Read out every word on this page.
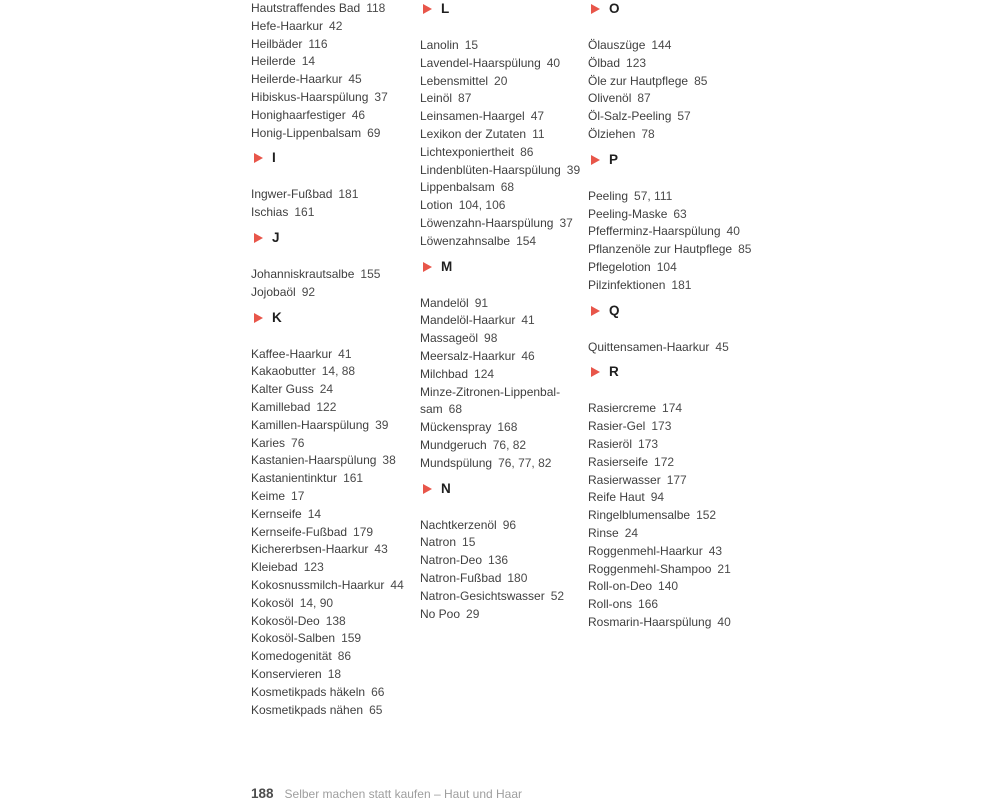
Hautstraffendes Bad 118
Hefe-Haarkur 42
Heilbäder 116
Heilerde 14
Heilerde-Haarkur 45
Hibiskus-Haarspülung 37
Honighaarfestiger 46
Honig-Lippenbalsam 69
I
Ingwer-Fußbad 181
Ischias 161
J
Johanniskrautsalbe 155
Jojobaöl 92
K
Kaffee-Haarkur 41
Kakaobutter 14, 88
Kalter Guss 24
Kamillebad 122
Kamillen-Haarspülung 39
Karies 76
Kastanien-Haarspülung 38
Kastanientinktur 161
Keime 17
Kernseife 14
Kernseife-Fußbad 179
Kichererbsen-Haarkur 43
Kleiebad 123
Kokosnussmilch-Haarkur 44
Kokosöl 14, 90
Kokosöl-Deo 138
Kokosöl-Salben 159
Komedogenität 86
Konservieren 18
Kosmetikpads häkeln 66
Kosmetikpads nähen 65
L
Lanolin 15
Lavendel-Haarspülung 40
Lebensmittel 20
Leinöl 87
Leinsamen-Haargel 47
Lexikon der Zutaten 11
Lichtexponiertheit 86
Lindenblüten-Haarspülung 39
Lippenbalsam 68
Lotion 104, 106
Löwenzahn-Haarspülung 37
Löwenzahnsalbe 154
M
Mandelöl 91
Mandelöl-Haarkur 41
Massageöl 98
Meersalz-Haarkur 46
Milchbad 124
Minze-Zitronen-Lippenbal-
sam 68
Mückenspray 168
Mundgeruch 76, 82
Mundspülung 76, 77, 82
N
Nachtkerzenöl 96
Natron 15
Natron-Deo 136
Natron-Fußbad 180
Natron-Gesichtswasser 52
No Poo 29
O
Ölauszüge 144
Ölbad 123
Öle zur Hautpflege 85
Olivenöl 87
Öl-Salz-Peeling 57
Ölziehen 78
P
Peeling 57, 111
Peeling-Maske 63
Pfefferminz-Haarspülung 40
Pflanzenöle zur Hautpflege 85
Pflegelotion 104
Pilzinfektionen 181
Q
Quittensamen-Haarkur 45
R
Rasiercreme 174
Rasier-Gel 173
Rasieröl 173
Rasierseife 172
Rasierwasser 177
Reife Haut 94
Ringelblumensalbe 152
Rinse 24
Roggenmehl-Haarkur 43
Roggenmehl-Shampoo 21
Roll-on-Deo 140
Roll-ons 166
Rosmarin-Haarspülung 40
188 Selber machen statt kaufen – Haut und Haar
